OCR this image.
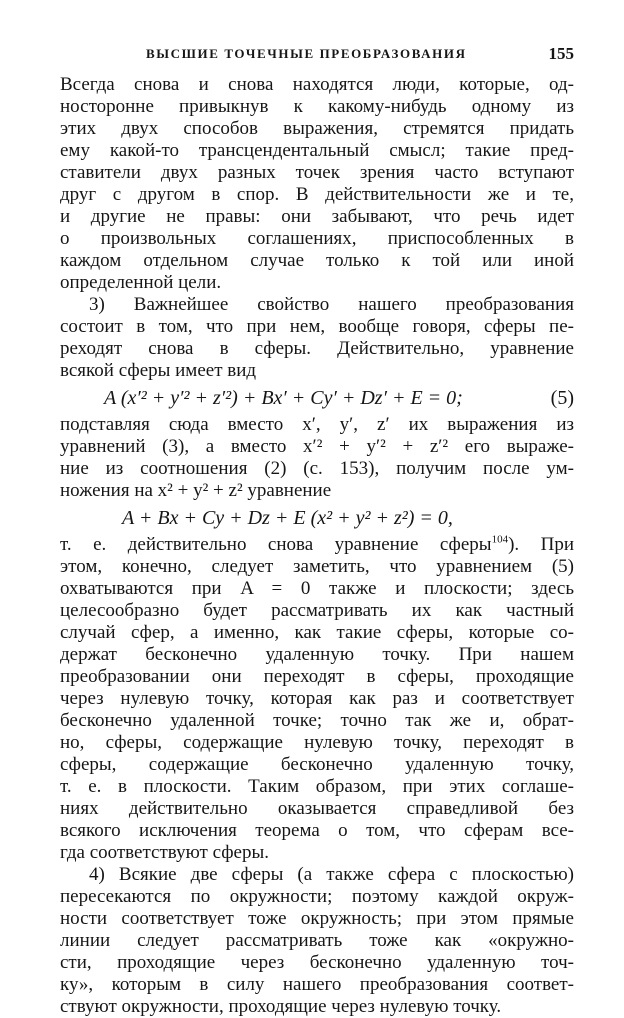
ВЫСШИЕ ТОЧЕЧНЫЕ ПРЕОБРАЗОВАНИЯ	155
Всегда снова и снова находятся люди, которые, од-
носторонне привыкнув к какому-нибудь одному из
этих двух способов выражения, стремятся придать
ему какой-то трансцендентальный смысл; такие пред-
ставители двух разных точек зрения часто вступают
друг с другом в спор. В действительности же и те,
и другие не правы: они забывают, что речь идет
о произвольных соглашениях, приспособленных в
каждом отдельном случае только к той или иной
определенной цели.
3) Важнейшее свойство нашего преобразования
состоит в том, что при нем, вообще говоря, сферы пе-
реходят снова в сферы. Действительно, уравнение
всякой сферы имеет вид
A (x′² + y′² + z′²) + Bx′ + Cy′ + Dz′ + E = 0;	(5)
подставляя сюда вместо x′, y′, z′ их выражения из
уравнений (3), а вместо x′² + y′² + z′² его выраже-
ние из соотношения (2) (с. 153), получим после ум-
ножения на x² + y² + z² уравнение
A + Bx + Cy + Dz + E (x² + y² + z²) = 0,
т. е. действительно снова уравнение сферы$^{104}$). При
этом, конечно, следует заметить, что уравнением (5)
охватываются при A = 0 также и плоскости; здесь
целесообразно будет рассматривать их как частный
случай сфер, а именно, как такие сферы, которые со-
держат бесконечно удаленную точку. При нашем
преобразовании они переходят в сферы, проходящие
через нулевую точку, которая как раз и соответствует
бесконечно удаленной точке; точно так же и, обрат-
но, сферы, содержащие нулевую точку, переходят в
сферы, содержащие бесконечно удаленную точку,
т. е. в плоскости. Таким образом, при этих соглаше-
ниях действительно оказывается справедливой без
всякого исключения теорема о том, что сферам все-
гда соответствуют сферы.
4) Всякие две сферы (а также сфера с плоскостью)
пересекаются по окружности; поэтому каждой окруж-
ности соответствует тоже окружность; при этом прямые
линии следует рассматривать тоже как «окружно-
сти, проходящие через бесконечно удаленную точ-
ку», которым в силу нашего преобразования соответ-
ствуют окружности, проходящие через нулевую точку.
